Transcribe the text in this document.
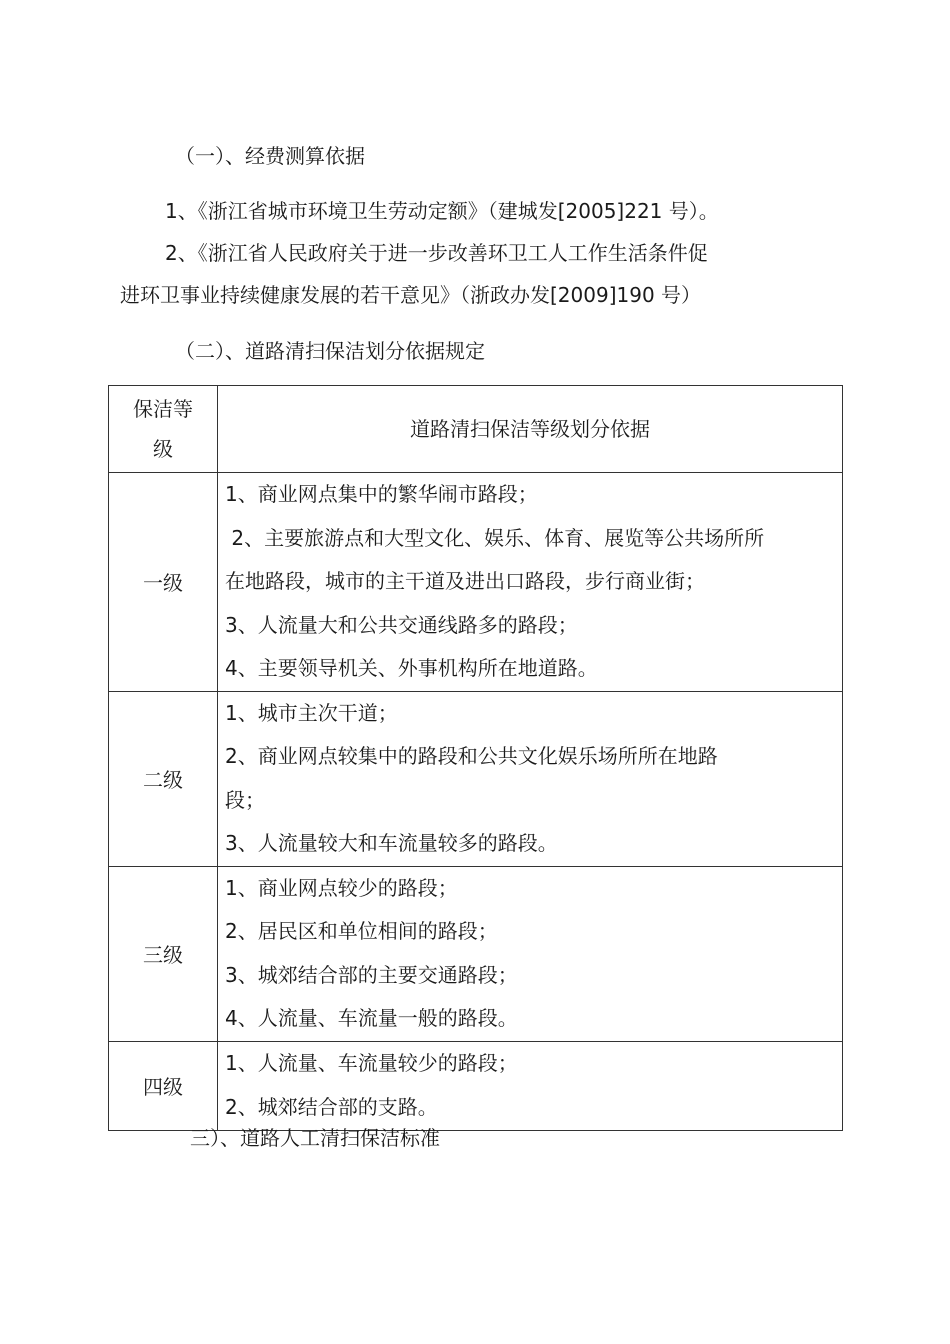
（一）、经费测算依据
1、《浙江省城市环境卫生劳动定额》（建城发[2005]221 号）。
2、《浙江省人民政府关于进一步改善环卫工人工作生活条件促
进环卫事业持续健康发展的若干意见》（浙政办发[2009]190 号）
（二）、道路清扫保洁划分依据规定
保洁等
级	道路清扫保洁等级划分依据
一级	1、商业网点集中的繁华闹市路段；
2、主要旅游点和大型文化、娱乐、体育、展览等公共场所所
在地路段，城市的主干道及进出口路段，步行商业街；
3、人流量大和公共交通线路多的路段；
4、主要领导机关、外事机构所在地道路。

二级	1、城市主次干道；
2、商业网点较集中的路段和公共文化娱乐场所所在地路
段；
3、人流量较大和车流量较多的路段。

三级	1、商业网点较少的路段；
2、居民区和单位相间的路段；
3、城郊结合部的主要交通路段；
4、人流量、车流量一般的路段。

四级	1、人流量、车流量较少的路段；
2、城郊结合部的支路。
三）、道路人工清扫保洁标准
